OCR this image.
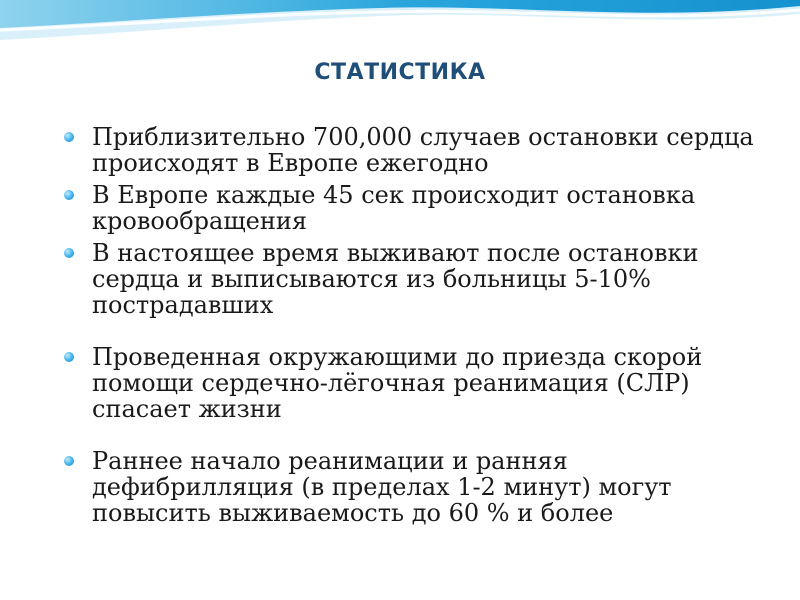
СТАТИСТИКА
Приблизительно 700,000 случаев остановки сердца происходят в Европе ежегодно
В Европе каждые 45 сек происходит остановка кровообращения
В настоящее время выживают после остановки сердца и выписываются из больницы 5-10% пострадавших
Проведенная окружающими до приезда скорой помощи сердечно-лёгочная реанимация (СЛР) спасает жизни
Раннее начало реанимации и ранняя дефибрилляция (в пределах 1-2 минут) могут повысить выживаемость до 60 % и более
